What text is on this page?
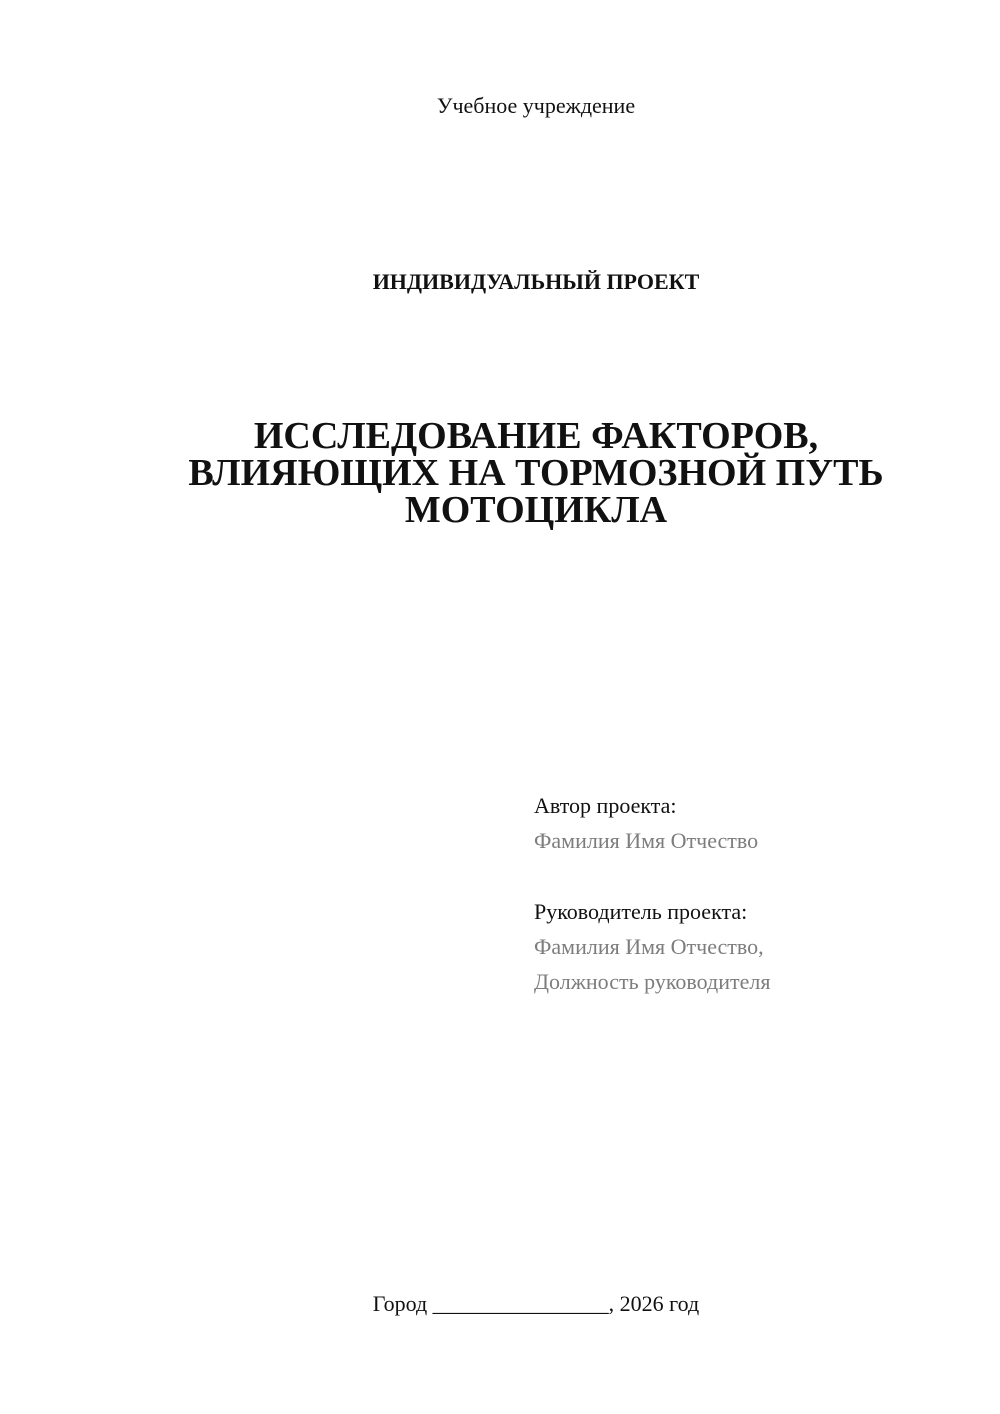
Учебное учреждение
ИНДИВИДУАЛЬНЫЙ ПРОЕКТ
ИССЛЕДОВАНИЕ ФАКТОРОВ,
ВЛИЯЮЩИХ НА ТОРМОЗНОЙ ПУТЬ
МОТОЦИКЛА
Автор проекта:
Фамилия Имя Отчество
Руководитель проекта:
Фамилия Имя Отчество,
Должность руководителя
Город ________________, 2026 год
